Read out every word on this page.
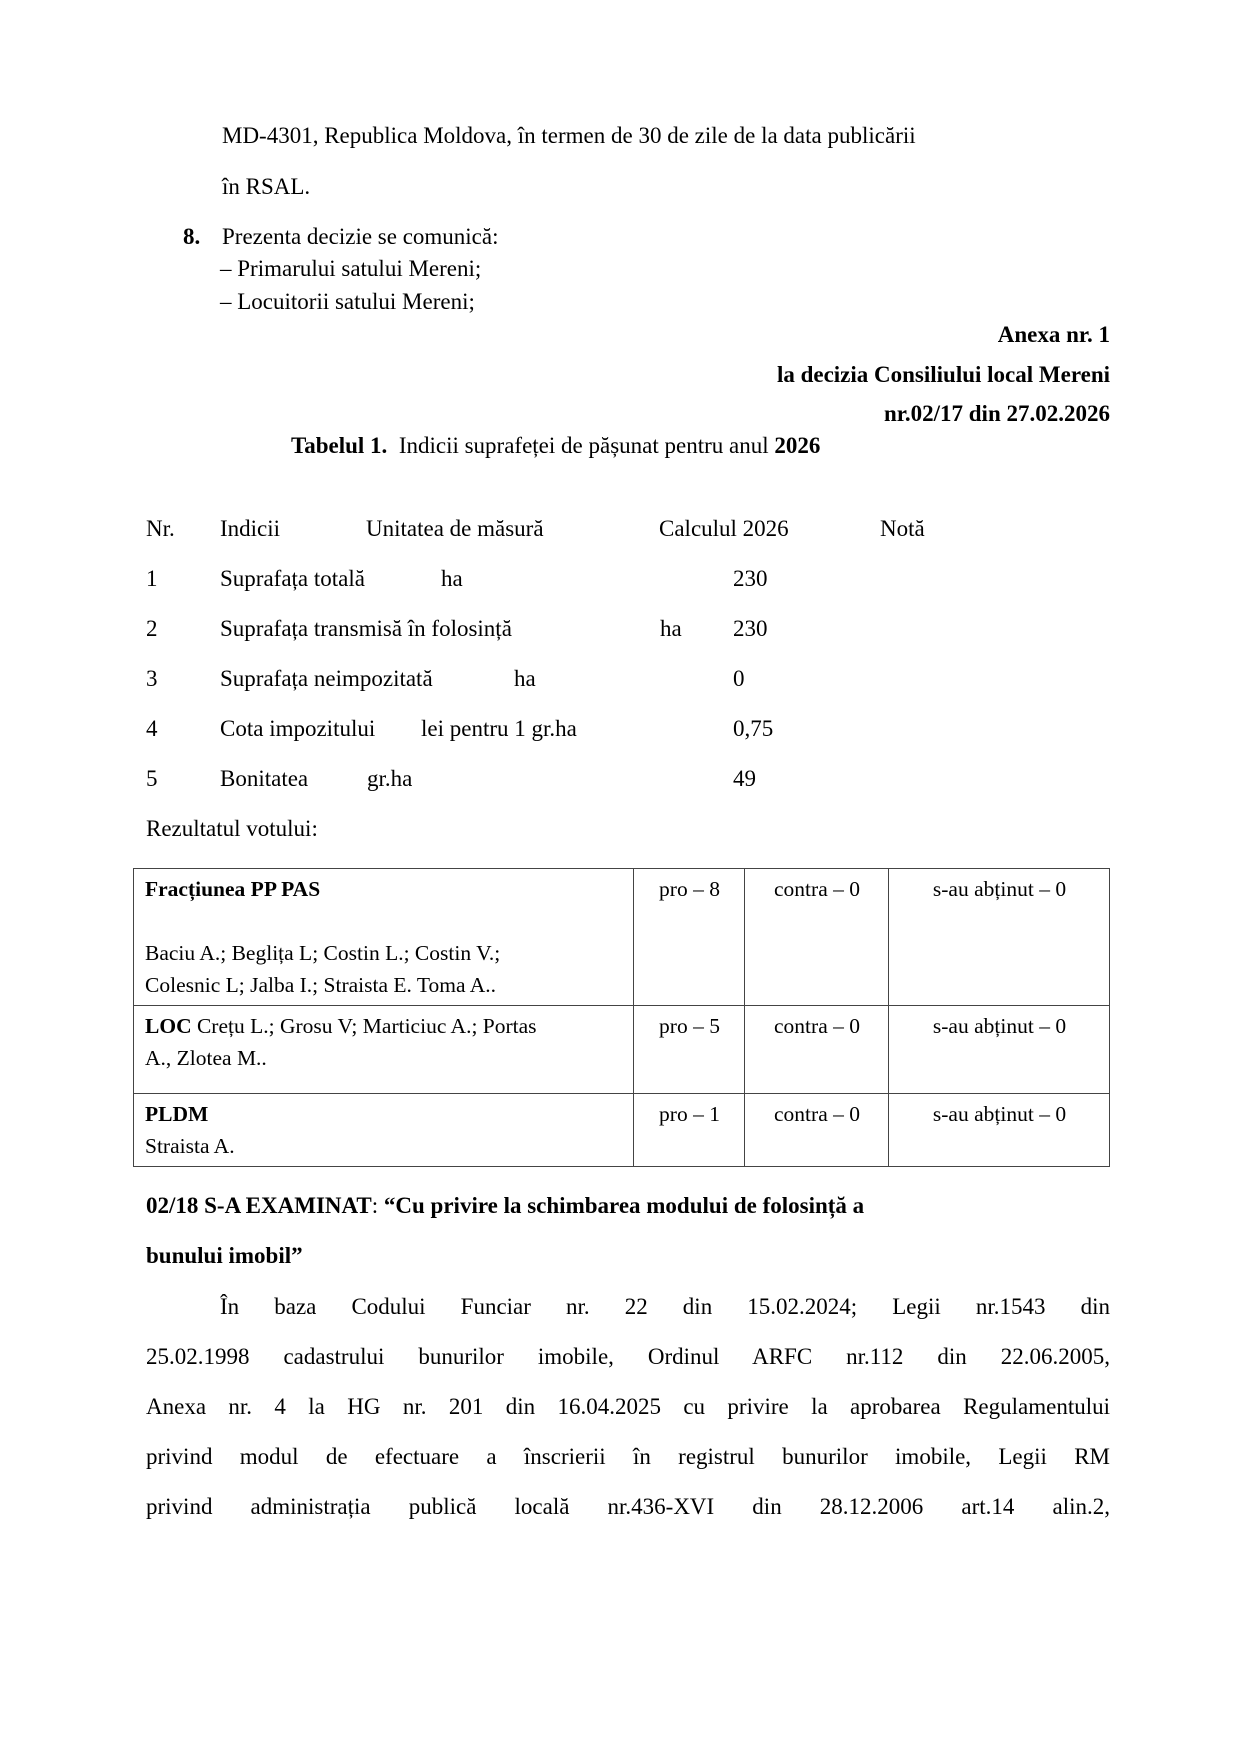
MD-4301, Republica Moldova, în termen de 30 de zile de la data publicării
în RSAL.
8. Prezenta decizie se comunică:
– Primarului satului Mereni;
– Locuitorii satului Mereni;
Anexa nr. 1
la decizia Consiliului local Mereni
nr.02/17 din 27.02.2026
Tabelul 1. Indicii suprafeței de pășunat pentru anul 2026
Nr. Indicii	Unitatea de măsură	Calculul 2026	Notă
1	Suprafața totală	ha	230
2	Suprafața transmisă în folosință	ha 230
3	Suprafața neimpozitată	ha	0
4	Cota impozitului lei pentru 1 gr.ha	0,75
5	Bonitatea	gr.ha	49
Rezultatul votului:
Fracțiunea PP PAS
Baciu A.; Beglița L; Costin L.; Costin V.;
Colesnic L; Jalba I.; Straista E. Toma A..	pro – 8	contra – 0	s-au abținut – 0

LOC Crețu L.; Grosu V; Marticiuc A.; Portas
A., Zlotea M..	pro – 5	contra – 0	s-au abținut – 0

PLDM
Straista A.	pro – 1	contra – 0	s-au abținut – 0
02/18 S-A EXAMINAT: “Cu privire la schimbarea modului de folosință a
bunului imobil”
În baza Codului Funciar nr. 22 din 15.02.2024; Legii nr.1543 din
25.02.1998 cadastrului bunurilor imobile, Ordinul ARFC nr.112 din 22.06.2005,
Anexa nr. 4 la HG nr. 201 din 16.04.2025 cu privire la aprobarea Regulamentului
privind modul de efectuare a înscrierii în registrul bunurilor imobile, Legii RM
privind administrația publică locală nr.436-XVI din 28.12.2006 art.14 alin.2,
